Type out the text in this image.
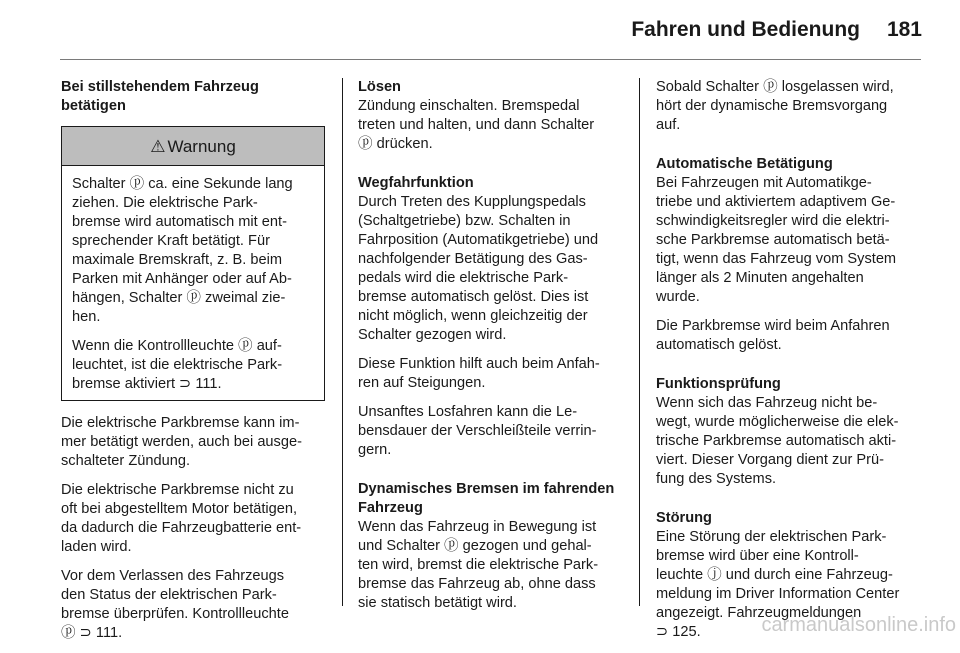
Fahren und Bedienung	181
Bei stillstehendem Fahrzeug
betätigen
⚠ Warnung
Schalter ⓟ ca. eine Sekunde lang
ziehen. Die elektrische Park-
bremse wird automatisch mit ent-
sprechender Kraft betätigt. Für
maximale Bremskraft, z. B. beim
Parken mit Anhänger oder auf Ab-
hängen, Schalter ⓟ zweimal zie-
hen.
Wenn die Kontrollleuchte ⓟ auf-
leuchtet, ist die elektrische Park-
bremse aktiviert ⊃ 111.
Die elektrische Parkbremse kann im-
mer betätigt werden, auch bei ausge-
schalteter Zündung.
Die elektrische Parkbremse nicht zu
oft bei abgestelltem Motor betätigen,
da dadurch die Fahrzeugbatterie ent-
laden wird.
Vor dem Verlassen des Fahrzeugs
den Status der elektrischen Park-
bremse überprüfen. Kontrollleuchte
ⓟ ⊃ 111.
Lösen
Zündung einschalten. Bremspedal
treten und halten, und dann Schalter
ⓟ drücken.
Wegfahrfunktion
Durch Treten des Kupplungspedals
(Schaltgetriebe) bzw. Schalten in
Fahrposition (Automatikgetriebe) und
nachfolgender Betätigung des Gas-
pedals wird die elektrische Park-
bremse automatisch gelöst. Dies ist
nicht möglich, wenn gleichzeitig der
Schalter gezogen wird.
Diese Funktion hilft auch beim Anfah-
ren auf Steigungen.
Unsanftes Losfahren kann die Le-
bensdauer der Verschleißteile verrin-
gern.
Dynamisches Bremsen im fahrenden
Fahrzeug
Wenn das Fahrzeug in Bewegung ist
und Schalter ⓟ gezogen und gehal-
ten wird, bremst die elektrische Park-
bremse das Fahrzeug ab, ohne dass
sie statisch betätigt wird.
Sobald Schalter ⓟ losgelassen wird,
hört der dynamische Bremsvorgang
auf.
Automatische Betätigung
Bei Fahrzeugen mit Automatikge-
triebe und aktiviertem adaptivem Ge-
schwindigkeitsregler wird die elektri-
sche Parkbremse automatisch betä-
tigt, wenn das Fahrzeug vom System
länger als 2 Minuten angehalten
wurde.
Die Parkbremse wird beim Anfahren
automatisch gelöst.
Funktionsprüfung
Wenn sich das Fahrzeug nicht be-
wegt, wurde möglicherweise die elek-
trische Parkbremse automatisch akti-
viert. Dieser Vorgang dient zur Prü-
fung des Systems.
Störung
Eine Störung der elektrischen Park-
bremse wird über eine Kontroll-
leuchte ⓙ und durch eine Fahrzeug-
meldung im Driver Information Center
angezeigt. Fahrzeugmeldungen
⊃ 125.	carmanualsonline.info
